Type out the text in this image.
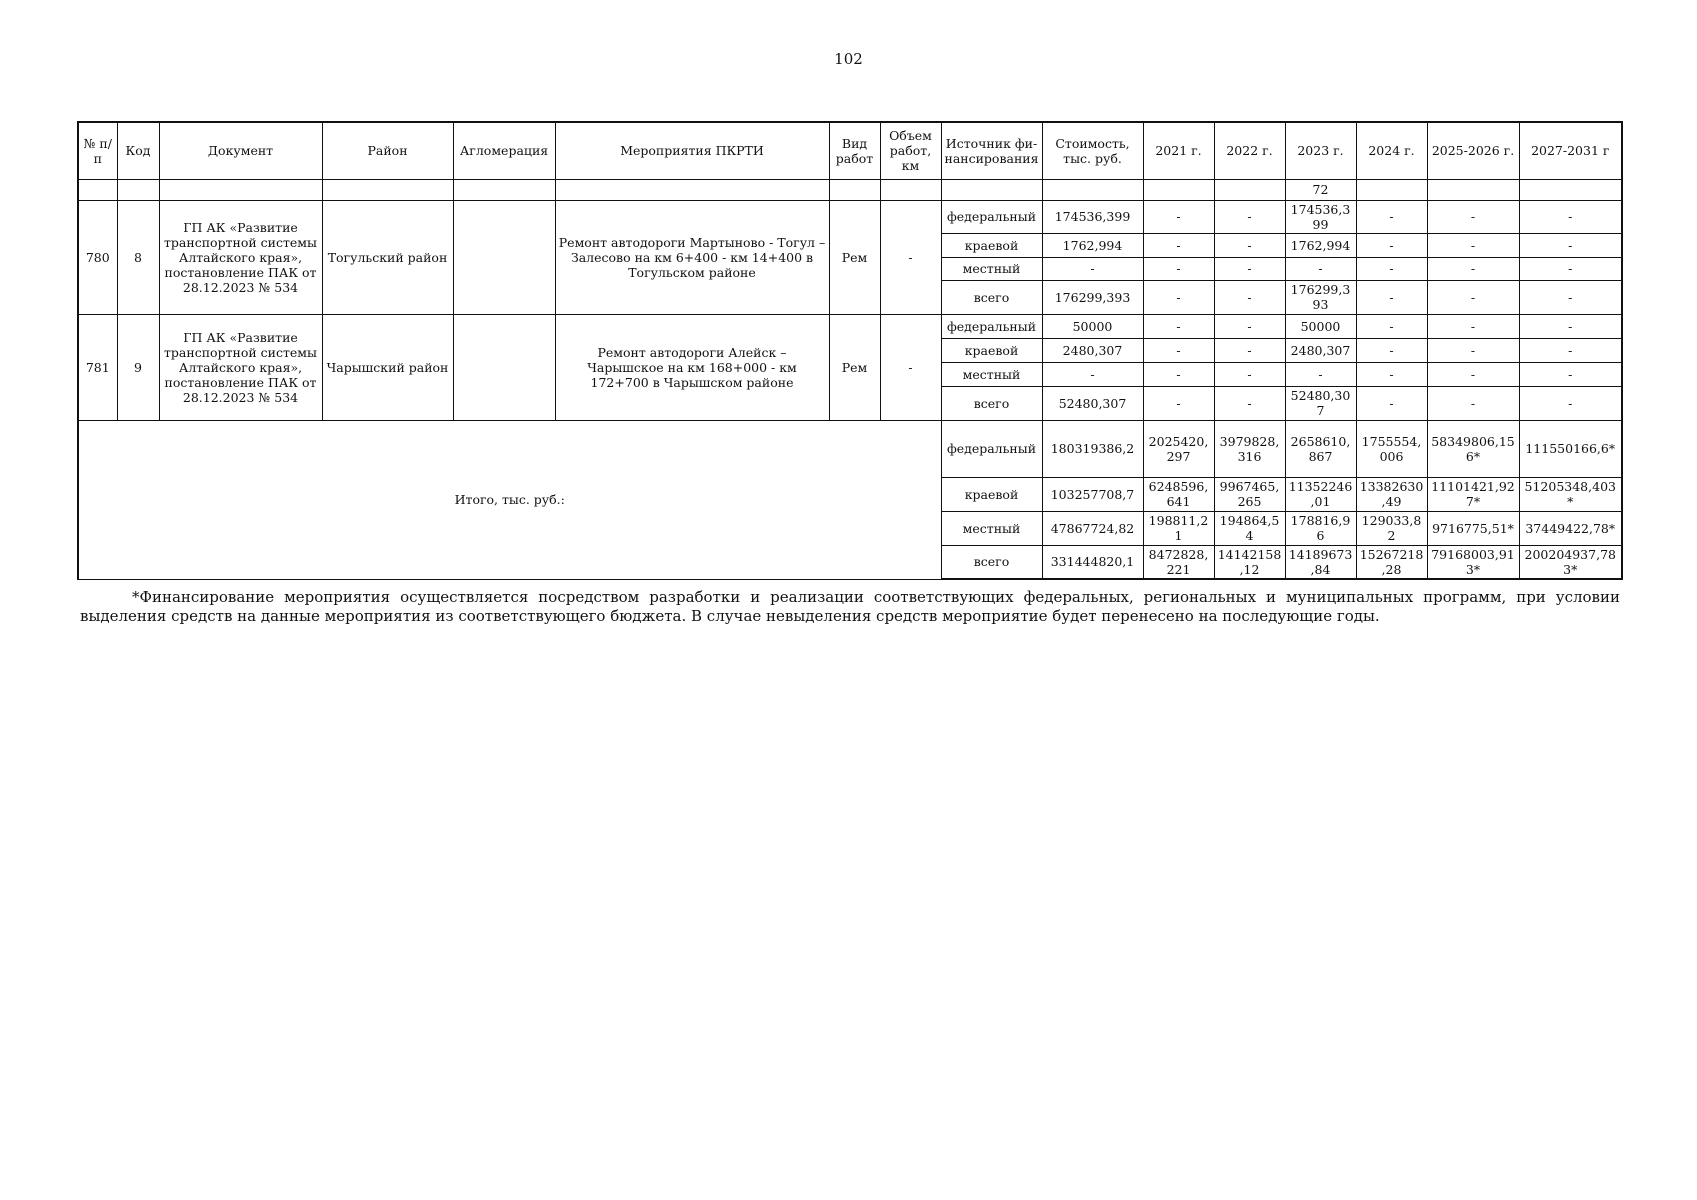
102
№ п/п	Код	Документ	Район	Агломерация	Мероприятия ПКРТИ	Вид работ	Объем работ, км	Источник фи-нансирования	Стоимость, тыс. руб.	2021 г.	2022 г.	2023 г.	2024 г.	2025-2026 г.	2027-2031 г
												72			
780	8	ГП АК «Развитие транспортной системы Алтайского края», постановление ПАК от 28.12.2023 № 534	Тогульский район		Ремонт автодороги Мартыново - Тогул – Залесово на км 6+400 - км 14+400 в Тогульском районе	Рем	-	федеральный	174536,399	-	-	174536,399	-	-	-
								краевой	1762,994	-	-	1762,994	-	-	-
								местный	-	-	-	-	-	-	-
								всего	176299,393	-	-	176299,393	-	-	-
781	9	ГП АК «Развитие транспортной системы Алтайского края», постановление ПАК от 28.12.2023 № 534	Чарышский район		Ремонт автодороги Алейск – Чарышское на км 168+000 - км 172+700 в Чарышском районе	Рем	-	федеральный	50000	-	-	50000	-	-	-
								краевой	2480,307	-	-	2480,307	-	-	-
								местный	-	-	-	-	-	-	-
								всего	52480,307	-	-	52480,307	-	-	-
Итого, тыс. руб.:								федеральный	180319386,2	2025420,297	3979828,316	2658610,867	1755554,006	58349806,156*	111550166,6*
								краевой	103257708,7	6248596,641	9967465,265	11352246,01	13382630,49	11101421,927*	51205348,403*
								местный	47867724,82	198811,21	194864,54	178816,96	129033,82	9716775,51*	37449422,78*
								всего	331444820,1	8472828,221	14142158,12	14189673,84	15267218,28	79168003,913*	200204937,783*
*Финансирование мероприятия осуществляется посредством разработки и реализации соответствующих федеральных, региональных и муниципальных программ, при условии выделения средств на данные мероприятия из соответствующего бюджета. В случае невыделения средств мероприятие будет перенесено на последующие годы.
